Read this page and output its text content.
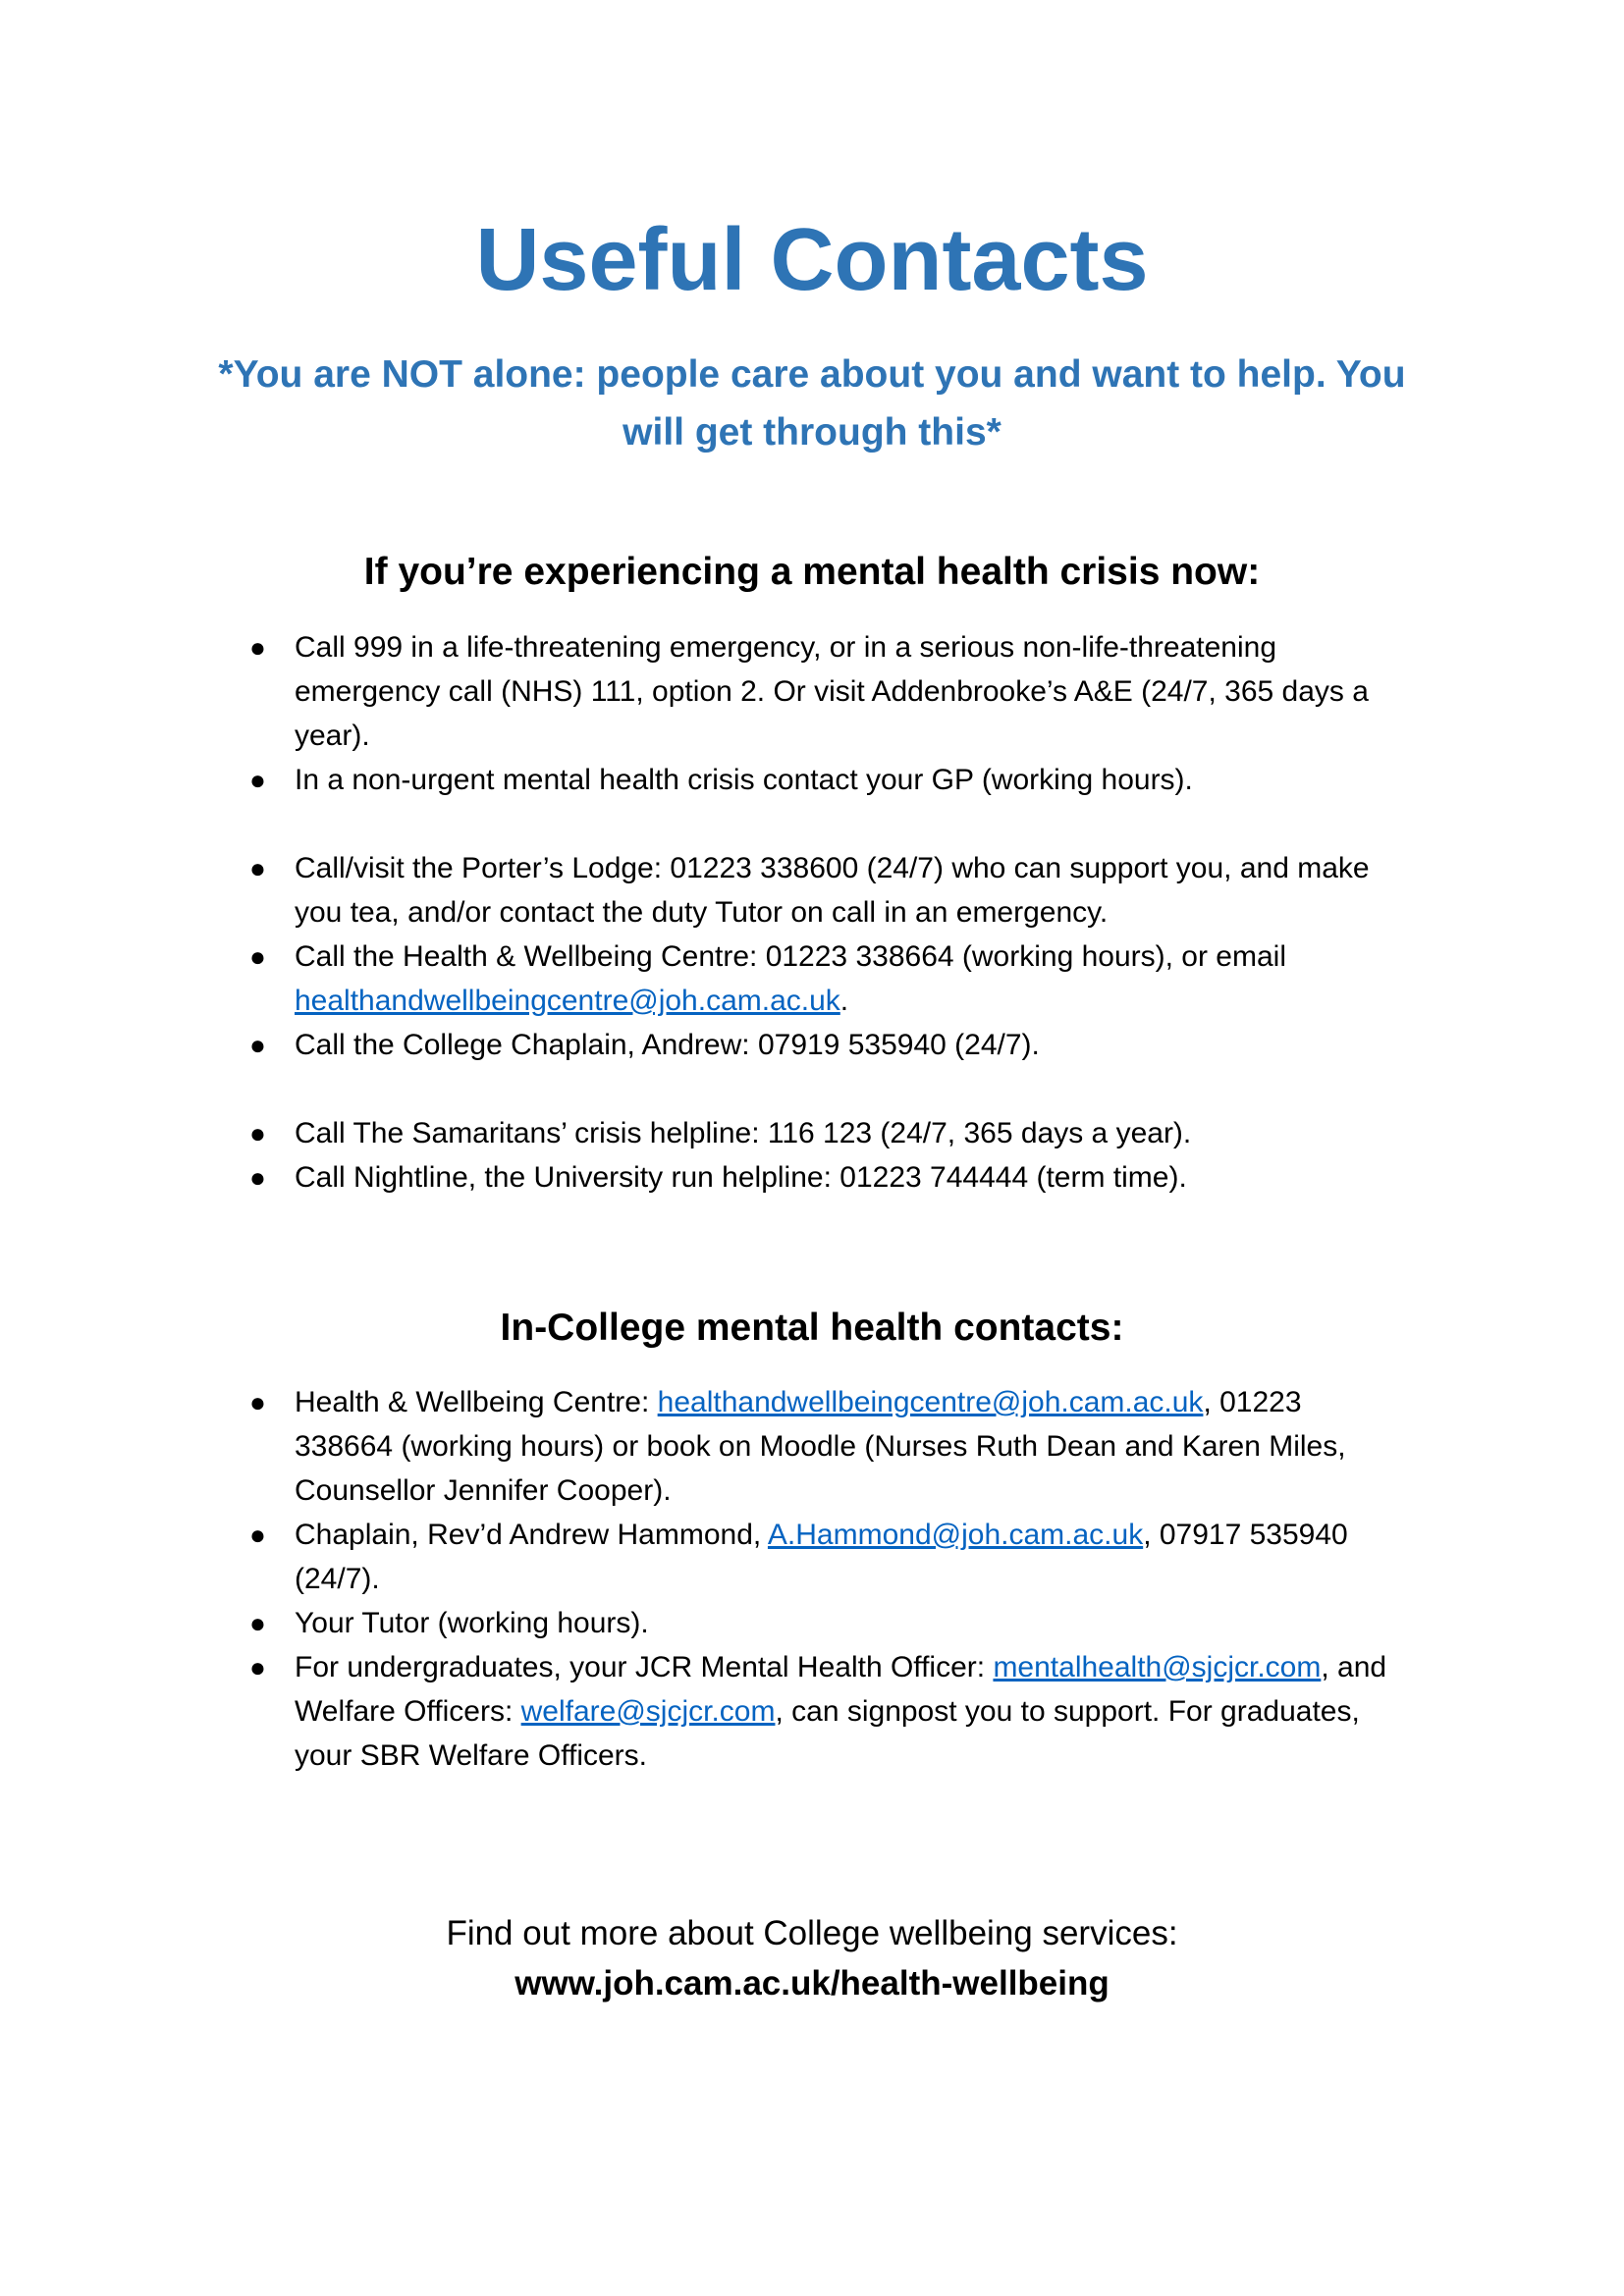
Useful Contacts

*You are NOT alone: people care about you and want to help. You will get through this*

If you’re experiencing a mental health crisis now:
● Call 999 in a life-threatening emergency, or in a serious non-life-threatening emergency call (NHS) 111, option 2. Or visit Addenbrooke’s A&E (24/7, 365 days a year).
● In a non-urgent mental health crisis contact your GP (working hours).
● Call/visit the Porter’s Lodge: 01223 338600 (24/7) who can support you, and make you tea, and/or contact the duty Tutor on call in an emergency.
● Call the Health & Wellbeing Centre: 01223 338664 (working hours), or email healthandwellbeingcentre@joh.cam.ac.uk.
● Call the College Chaplain, Andrew: 07919 535940 (24/7).
● Call The Samaritans’ crisis helpline: 116 123 (24/7, 365 days a year).
● Call Nightline, the University run helpline: 01223 744444 (term time).
In-College mental health contacts:
● Health & Wellbeing Centre: healthandwellbeingcentre@joh.cam.ac.uk, 01223 338664 (working hours) or book on Moodle (Nurses Ruth Dean and Karen Miles, Counsellor Jennifer Cooper).
● Chaplain, Rev’d Andrew Hammond, A.Hammond@joh.cam.ac.uk, 07917 535940 (24/7).
● Your Tutor (working hours).
● For undergraduates, your JCR Mental Health Officer: mentalhealth@sjcjcr.com, and Welfare Officers: welfare@sjcjcr.com, can signpost you to support. For graduates, your SBR Welfare Officers.

Find out more about College wellbeing services:

www.joh.cam.ac.uk/health-wellbeing
